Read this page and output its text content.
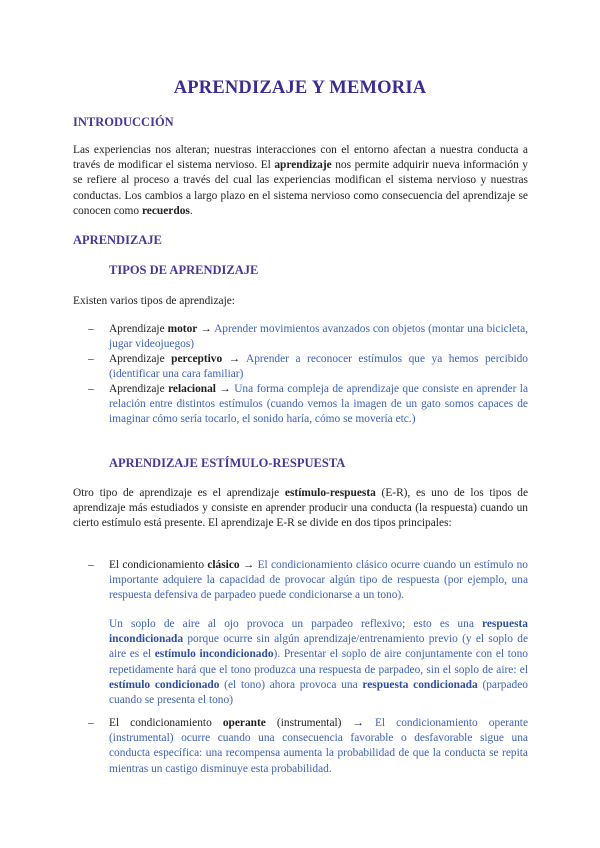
APRENDIZAJE Y MEMORIA
INTRODUCCIÓN
Las experiencias nos alteran; nuestras interacciones con el entorno afectan a nuestra conducta a través de modificar el sistema nervioso. El aprendizaje nos permite adquirir nueva información y se refiere al proceso a través del cual las experiencias modifican el sistema nervioso y nuestras conductas. Los cambios a largo plazo en el sistema nervioso como consecuencia del aprendizaje se conocen como recuerdos.
APRENDIZAJE
TIPOS DE APRENDIZAJE
Existen varios tipos de aprendizaje:
–	Aprendizaje motor → Aprender movimientos avanzados con objetos (montar una bicicleta, jugar videojuegos)
–	Aprendizaje perceptivo → Aprender a reconocer estímulos que ya hemos percibido (identificar una cara familiar)
–	Aprendizaje relacional → Una forma compleja de aprendizaje que consiste en aprender la relación entre distintos estímulos (cuando vemos la imagen de un gato somos capaces de imaginar cómo sería tocarlo, el sonido haría, cómo se movería etc.)
APRENDIZAJE ESTÍMULO-RESPUESTA
Otro tipo de aprendizaje es el aprendizaje estímulo-respuesta (E-R), es uno de los tipos de aprendizaje más estudiados y consiste en aprender producir una conducta (la respuesta) cuando un cierto estímulo está presente. El aprendizaje E-R se divide en dos tipos principales:
–	El condicionamiento clásico → El condicionamiento clásico ocurre cuando un estímulo no importante adquiere la capacidad de provocar algún tipo de respuesta (por ejemplo, una respuesta defensiva de parpadeo puede condicionarse a un tono).
Un soplo de aire al ojo provoca un parpadeo reflexivo; esto es una respuesta incondicionada porque ocurre sin algún aprendizaje/entrenamiento previo (y el soplo de aire es el estímulo incondicionado). Presentar el soplo de aire conjuntamente con el tono repetidamente hará que el tono produzca una respuesta de parpadeo, sin el soplo de aire: el estímulo condicionado (el tono) ahora provoca una respuesta condicionada (parpadeo cuando se presenta el tono)
–	El condicionamiento operante (instrumental) → El condicionamiento operante (instrumental) ocurre cuando una consecuencia favorable o desfavorable sigue una conducta específica: una recompensa aumenta la probabilidad de que la conducta se repita mientras un castigo disminuye esta probabilidad.
